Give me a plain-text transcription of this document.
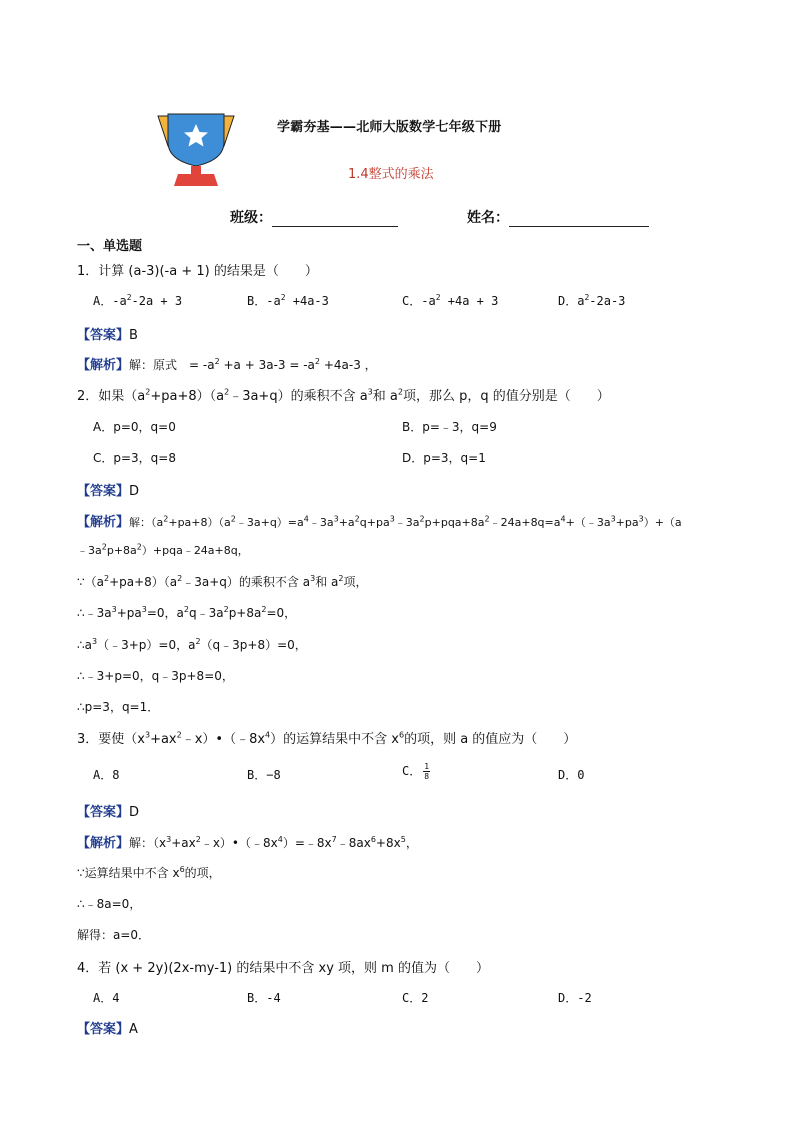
学霸夯基——北师大版数学七年级下册
1.4整式的乘法
班级：	姓名：
一、单选题
1．计算 (a-3)(-a + 1) 的结果是（　　）
A．$-a^2-2a + 3$	B．$-a^2 +4a-3$	C．$-a^2 +4a + 3$	D．$a^2-2a-3$
【答案】B
【解析】解：原式　= $-a^2 +a + 3a-3 = -a^2 +4a-3$ ，
2．如果$(a^2+pa+8)(a^2﹣3a+q)$的乘积不含 $a^3$和 $a^2$项，那么 p，q 的值分别是（　　）
A．p=0，q=0	B．p=﹣3，q=9
C．p=3，q=8	D．p=3，q=1
【答案】D
【解析】解：$(a^2+pa+8)(a^2﹣3a+q)=a^4﹣3a^3+a^2q+pa^3﹣3a^2p+pqa+8a^2﹣24a+8q=a^4+(﹣3a^3+pa^3)+(a$
$﹣3a^2p+8a^2)+pqa﹣24a+8q$，
$\because(a^2+pa+8)(a^2﹣3a+q)$的乘积不含 $a^3$和 $a^2$项，
$\therefore﹣3a^3+pa^3=0$，$a^2q﹣3a^2p+8a^2=0$，
$\therefore a^3(﹣3+p)=0$，$a^2(q﹣3p+8)=0$，
∴﹣3+p=0，q﹣3p+8=0，
∴p=3，q=1．
3．要使$(x^3+ax^2﹣x)•(﹣8x^4)$的运算结果中不含 $x^6$的项，则 a 的值应为（　　）
A．8	B．−8	C． $\frac{1}{8}$	D．0
【答案】D
【解析】解：$(x^3+ax^2﹣x)•(﹣8x^4)=﹣8x^7﹣8ax^6+8x^5$，
∵运算结果中不含 $x^6$的项，
∴﹣8a=0，
解得：a=0．
4．若 (x + 2y)(2x-my-1) 的结果中不含 xy 项，则 m 的值为（　　）
A．4	B．-4	C．2	D．-2
【答案】A
